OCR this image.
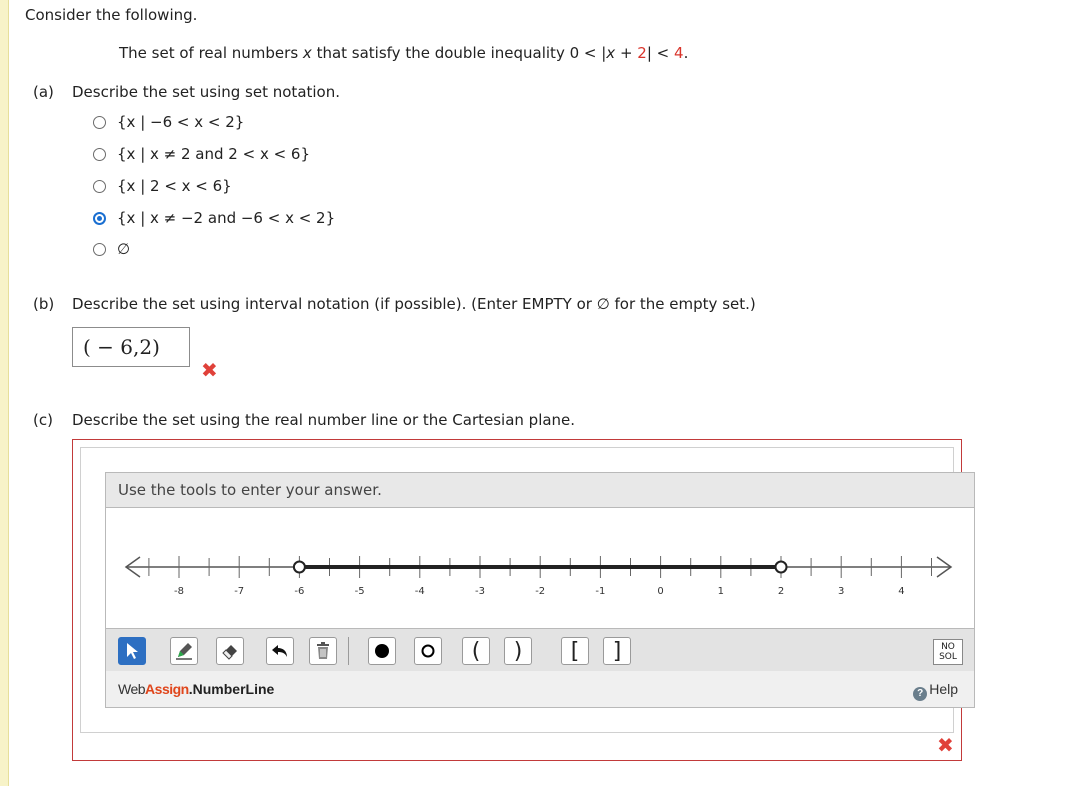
Consider the following.
The set of real numbers x that satisfy the double inequality 0 < |x + 2| < 4.
(a) Describe the set using set notation.
{x | −6 < x < 2}
{x | x ≠ 2 and 2 < x < 6}
{x | 2 < x < 6}
{x | x ≠ −2 and −6 < x < 2}
∅
(b) Describe the set using interval notation (if possible). (Enter EMPTY or ∅ for the empty set.)
( − 6,2)
✖
(c) Describe the set using the real number line or the Cartesian plane.
Use the tools to enter your answer.
-8	-7	-6	-5	-4	-3	-2	-1	0	1	2	3	4
(	)	[	]	NO
SOL
WebAssign.NumberLine	? Help
✖
